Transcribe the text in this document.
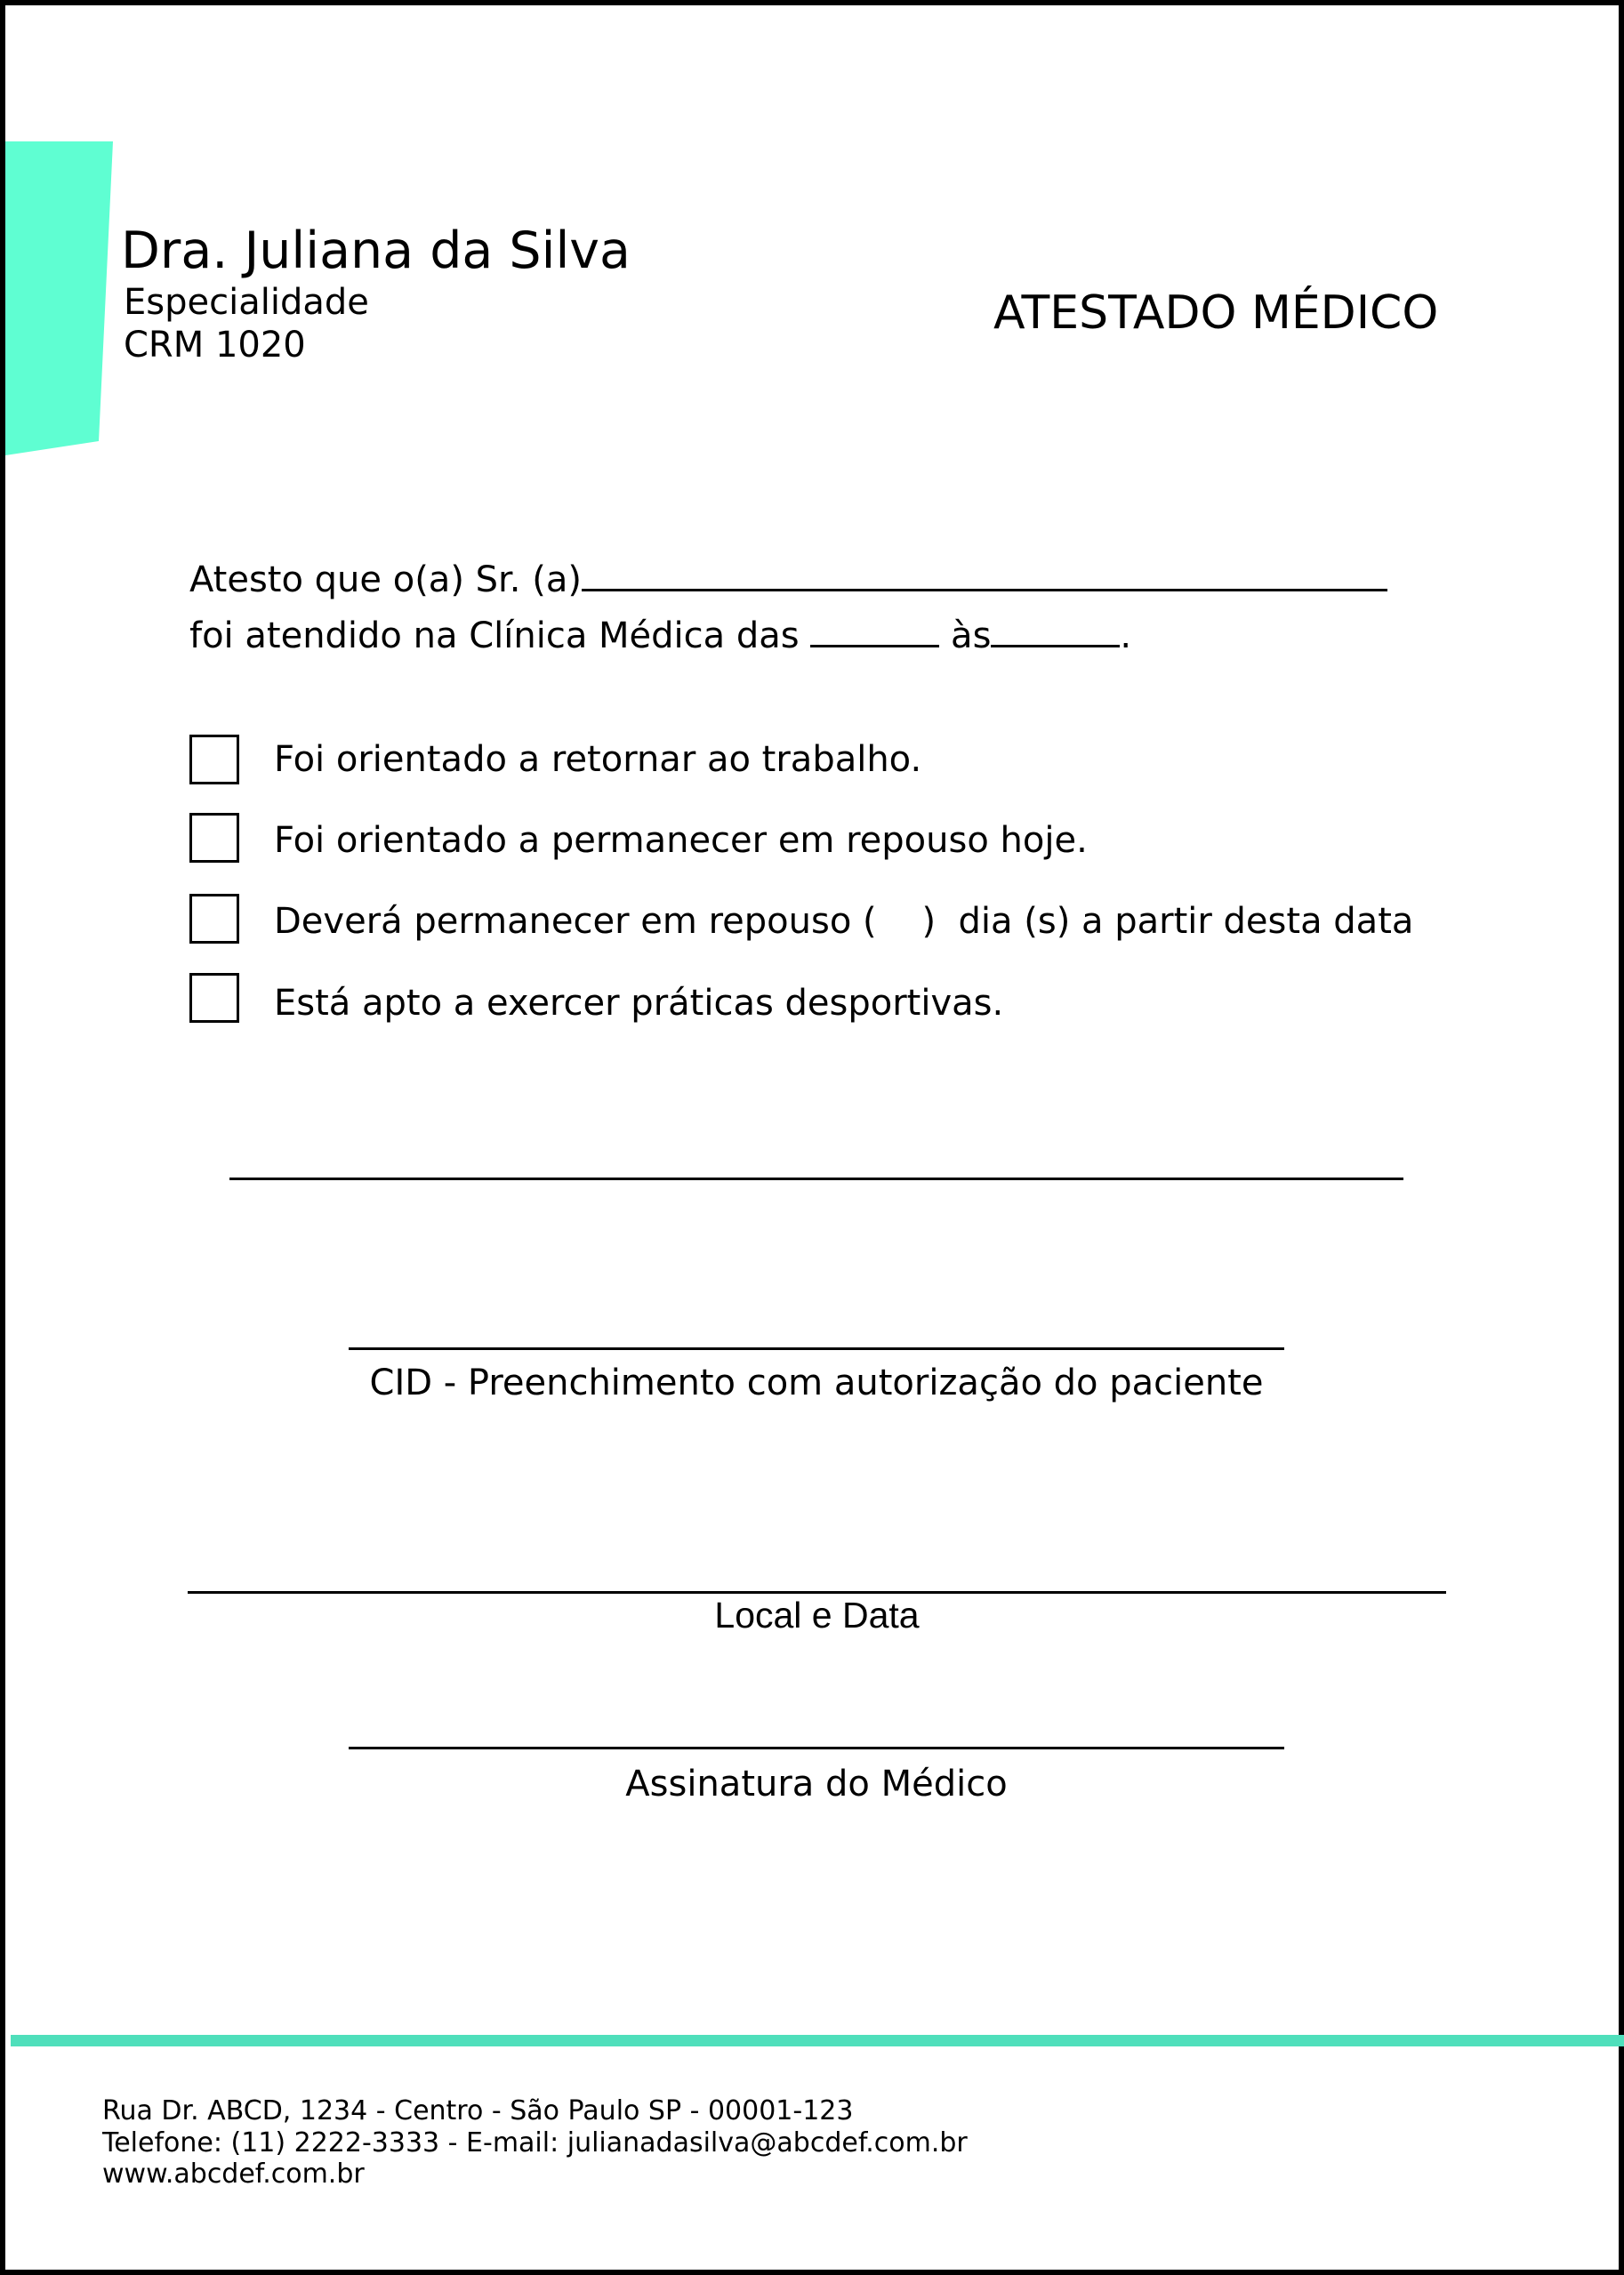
Dra. Juliana da Silva
Especialidade
CRM 1020
ATESTADO MÉDICO
Atesto que o(a) Sr. (a)
foi atendido na Clínica Médica das	às	.
Foi orientado a retornar ao trabalho.
Foi orientado a permanecer em repouso hoje.
Deverá permanecer em repouso (    )  dia (s) a partir desta data
Está apto a exercer práticas desportivas.
CID - Preenchimento com autorização do paciente
Local e Data
Assinatura do Médico
Rua Dr. ABCD, 1234 - Centro - São Paulo SP - 00001-123
Telefone: (11) 2222-3333 - E-mail: julianadasilva@abcdef.com.br
www.abcdef.com.br
